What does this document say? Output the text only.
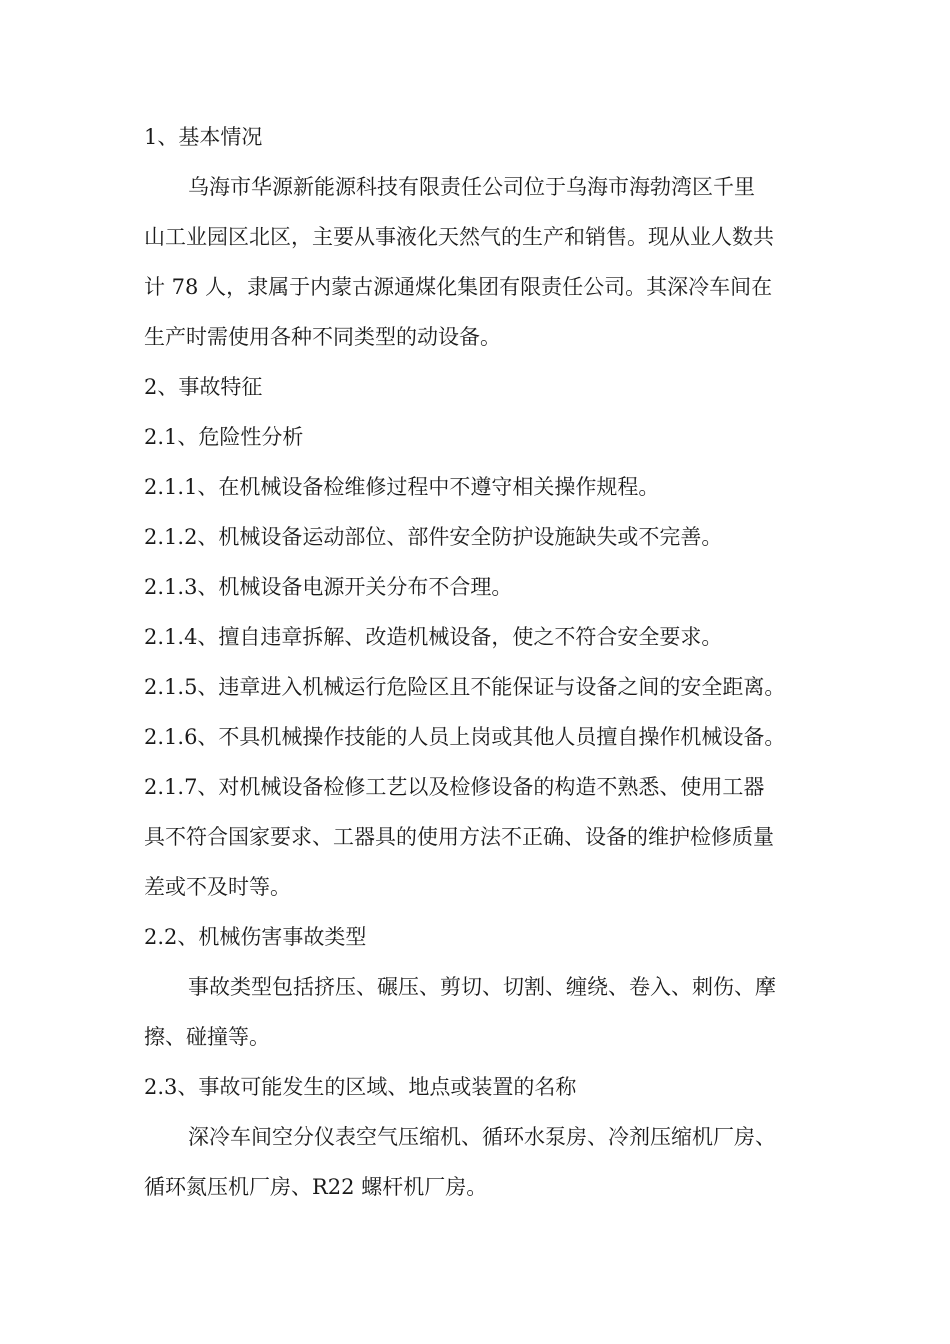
1、基本情况
乌海市华源新能源科技有限责任公司位于乌海市海勃湾区千里
山工业园区北区，主要从事液化天然气的生产和销售。现从业人数共
计 78 人，隶属于内蒙古源通煤化集团有限责任公司。其深冷车间在
生产时需使用各种不同类型的动设备。
2、事故特征
2.1、危险性分析
2.1.1、在机械设备检维修过程中不遵守相关操作规程。
2.1.2、机械设备运动部位、部件安全防护设施缺失或不完善。
2.1.3、机械设备电源开关分布不合理。
2.1.4、擅自违章拆解、改造机械设备，使之不符合安全要求。
2.1.5、违章进入机械运行危险区且不能保证与设备之间的安全距离。
2.1.6、不具机械操作技能的人员上岗或其他人员擅自操作机械设备。
2.1.7、对机械设备检修工艺以及检修设备的构造不熟悉、使用工器
具不符合国家要求、工器具的使用方法不正确、设备的维护检修质量
差或不及时等。
2.2、机械伤害事故类型
事故类型包括挤压、碾压、剪切、切割、缠绕、卷入、刺伤、摩
擦、碰撞等。
2.3、事故可能发生的区域、地点或装置的名称
深冷车间空分仪表空气压缩机、循环水泵房、冷剂压缩机厂房、
循环氮压机厂房、R22 螺杆机厂房。
